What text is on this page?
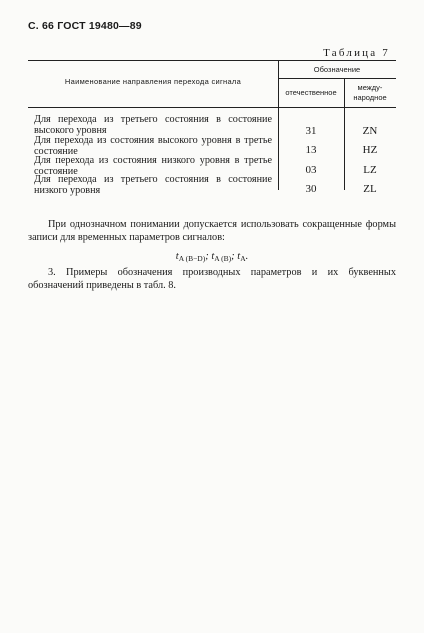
С. 66 ГОСТ 19480—89
Таблица 7
Наименование направления перехода сигнала
Обозначение
отечественное
между-
народное
Для перехода из третьего состояния в состояние высокого уровня	31	ZN
Для перехода из состояния высокого уровня в третье состояние	13	HZ
Для перехода из состояния низкого уровня в третье состояние	03	LZ
Для перехода из третьего состояния в состояние низкого уровня	30	ZL
При однозначном понимании допускается использовать сокращенные формы записи для временных параметров сигналов:
tA (B−D); tA (B); tA.
3. Примеры обозначения производных параметров и их буквенных обозначений приведены в табл. 8.
